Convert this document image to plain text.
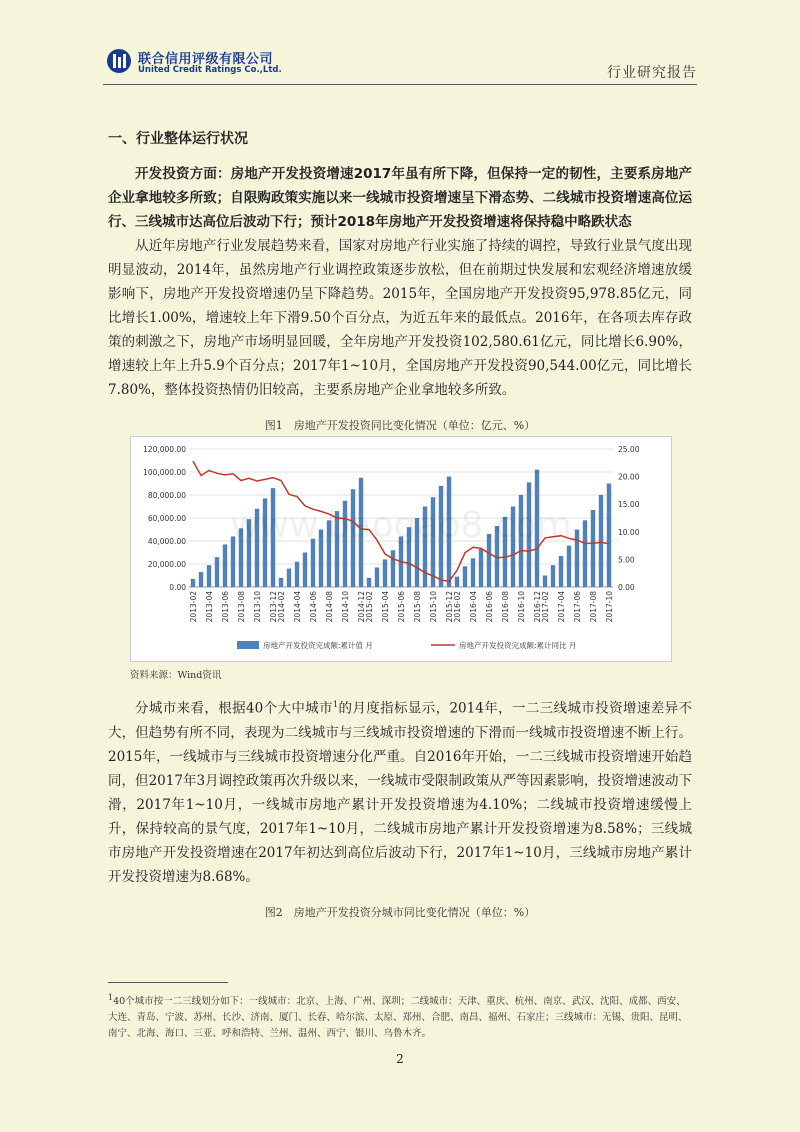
联合信用评级有限公司
United Credit Ratings Co.,Ltd.	行业研究报告
一、行业整体运行状况
开发投资方面：房地产开发投资增速2017年虽有所下降，但保持一定的韧性，主要系房地产企业拿地较多所致；自限购政策实施以来一线城市投资增速呈下滑态势、二线城市投资增速高位运行、三线城市达高位后波动下行；预计2018年房地产开发投资增速将保持稳中略跌状态
从近年房地产行业发展趋势来看，国家对房地产行业实施了持续的调控，导致行业景气度出现明显波动，2014年，虽然房地产行业调控政策逐步放松，但在前期过快发展和宏观经济增速放缓影响下，房地产开发投资增速仍呈下降趋势。2015年，全国房地产开发投资95,978.85亿元，同比增长1.00%，增速较上年下滑9.50个百分点，为近五年来的最低点。2016年，在各项去库存政策的刺激之下，房地产市场明显回暖，全年房地产开发投资102,580.61亿元，同比增长6.90%，增速较上年上升5.9个百分点；2017年1~10月，全国房地产开发投资90,544.00亿元，同比增长7.80%，整体投资热情仍旧较高，主要系房地产企业拿地较多所致。
图1　房地产开发投资同比变化情况（单位：亿元、%）
0.00
20,000.00
40,000.00
60,000.00
80,000.00
100,000.00
120,000.00
0.00
5.00
10.00
15.00
20.00
25.00
2013-02 2013-04 2013-06 2013-08 2013-10 2013-12 2014-02 2014-04 2014-06 2014-08 2014-10 2014-12 2015-02 2015-04 2015-06 2015-08 2015-10 2015-12 2016-02 2016-04 2016-06 2016-08 2016-10 2016-12 2017-02 2017-04 2017-06 2017-08 2017-10
www.baogao8.com
房地产开发投资完成额:累计值 月	房地产开发投资完成额:累计同比 月
资料来源：Wind资讯
分城市来看，根据40个大中城市$^1$的月度指标显示，2014年，一二三线城市投资增速差异不大，但趋势有所不同，表现为二线城市与三线城市投资增速的下滑而一线城市投资增速不断上行。2015年，一线城市与三线城市投资增速分化严重。自2016年开始，一二三线城市投资增速开始趋同，但2017年3月调控政策再次升级以来，一线城市受限制政策从严等因素影响，投资增速波动下滑，2017年1~10月，一线城市房地产累计开发投资增速为4.10%；二线城市投资增速缓慢上升，保持较高的景气度，2017年1~10月，二线城市房地产累计开发投资增速为8.58%；三线城市房地产开发投资增速在2017年初达到高位后波动下行，2017年1~10月，三线城市房地产累计开发投资增速为8.68%。
图2　房地产开发投资分城市同比变化情况（单位：%）
$^1$40个城市按一二三线划分如下：一线城市：北京、上海、广州、深圳；二线城市：天津、重庆、杭州、南京、武汉、沈阳、成都、西安、大连、青岛、宁波、苏州、长沙、济南、厦门、长春、哈尔滨、太原、郑州、合肥、南昌、福州、石家庄；三线城市：无锡、贵阳、昆明、南宁、北海、海口、三亚、呼和浩特、兰州、温州、西宁、银川、乌鲁木齐。
2
